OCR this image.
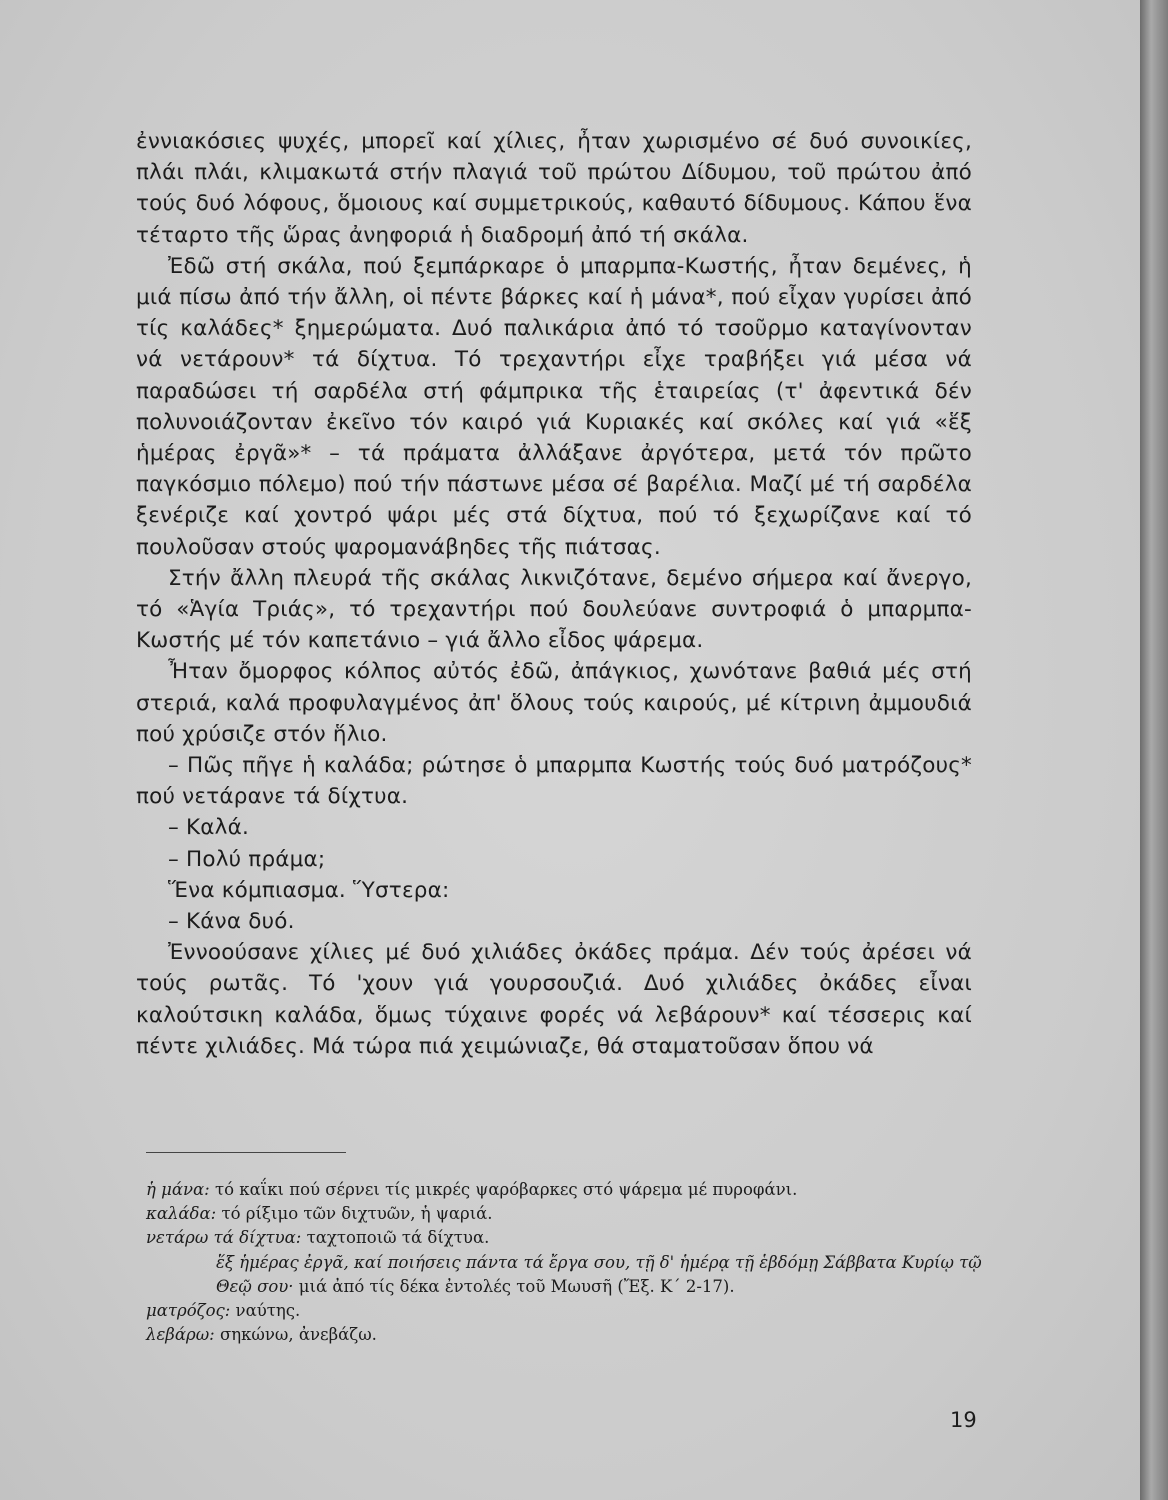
ἐννιακόσιες ψυχές, μπορεῖ καί χίλιες, ἦταν χωρισμένο σέ δυό συνοικίες, πλάι πλάι, κλιμακωτά στήν πλαγιά τοῦ πρώτου Δίδυμου, τοῦ πρώτου ἀπό τούς δυό λόφους, ὅμοιους καί συμμετρικούς, καθαυτό δίδυμους. Κάπου ἕνα τέταρτο τῆς ὥρας ἀνηφοριά ἡ διαδρομή ἀπό τή σκάλα.

Ἐδῶ στή σκάλα, πού ξεμπάρκαρε ὁ μπαρμπα-Κωστής, ἦταν δεμένες, ἡ μιά πίσω ἀπό τήν ἄλλη, οἱ πέντε βάρκες καί ἡ μάνα*, πού εἶχαν γυρίσει ἀπό τίς καλάδες* ξημερώματα. Δυό παλικάρια ἀπό τό τσοῦρμο καταγίνονταν νά νετάρουν* τά δίχτυα. Τό τρεχαντήρι εἶχε τραβήξει γιά μέσα νά παραδώσει τή σαρδέλα στή φάμπρικα τῆς ἑταιρείας (τ' ἀφεντικά δέν πολυνοιάζονταν ἐκεῖνο τόν καιρό γιά Κυριακές καί σκόλες καί γιά «ἕξ ἡμέρας ἐργᾶ»* – τά πράματα ἀλλάξανε ἀργότερα, μετά τόν πρῶτο παγκόσμιο πόλεμο) πού τήν πάστωνε μέσα σέ βαρέλια. Μαζί μέ τή σαρδέλα ξενέριζε καί χοντρό ψάρι μές στά δίχτυα, πού τό ξεχωρίζανε καί τό πουλοῦσαν στούς ψαρομανάβηδες τῆς πιάτσας.

Στήν ἄλλη πλευρά τῆς σκάλας λικνιζότανε, δεμένο σήμερα καί ἄνεργο, τό «Ἁγία Τριάς», τό τρεχαντήρι πού δουλεύανε συντροφιά ὁ μπαρμπα-Κωστής μέ τόν καπετάνιο – γιά ἄλλο εἶδος ψάρεμα.

Ἦταν ὄμορφος κόλπος αὐτός ἐδῶ, ἀπάγκιος, χωνότανε βαθιά μές στή στεριά, καλά προφυλαγμένος ἀπ' ὅλους τούς καιρούς, μέ κίτρινη ἀμμουδιά πού χρύσιζε στόν ἥλιο.

– Πῶς πῆγε ἡ καλάδα; ρώτησε ὁ μπαρμπα Κωστής τούς δυό ματρόζους* πού νετάρανε τά δίχτυα.

– Καλά.

– Πολύ πράμα;

Ἕνα κόμπιασμα. Ὕστερα:

– Κάνα δυό.

Ἐννοούσανε χίλιες μέ δυό χιλιάδες ὀκάδες πράμα. Δέν τούς ἀρέσει νά τούς ρωτᾶς. Τό 'χουν γιά γουρσουζιά. Δυό χιλιάδες ὀκάδες εἶναι καλούτσικη καλάδα, ὅμως τύχαινε φορές νά λεβάρουν* καί τέσσερις καί πέντε χιλιάδες. Μά τώρα πιά χειμώνιαζε, θά σταματοῦσαν ὅπου νά

ἡ μάνα: τό καΐκι πού σέρνει τίς μικρές ψαρόβαρκες στό ψάρεμα μέ πυροφάνι.

καλάδα: τό ρίξιμο τῶν διχτυῶν, ἡ ψαριά.

νετάρω τά δίχτυα: ταχτοποιῶ τά δίχτυα.

ἕξ ἡμέρας ἐργᾶ, καί ποιήσεις πάντα τά ἔργα σου, τῇ δ' ἡμέρᾳ τῇ ἑβδόμῃ Σάββατα Κυρίῳ τῷ Θεῷ σου· μιά ἀπό τίς δέκα ἐντολές τοῦ Μωυσῆ (Ἔξ. Κ΄ 2-17).

ματρόζος: ναύτης.

λεβάρω: σηκώνω, ἀνεβάζω.

19
